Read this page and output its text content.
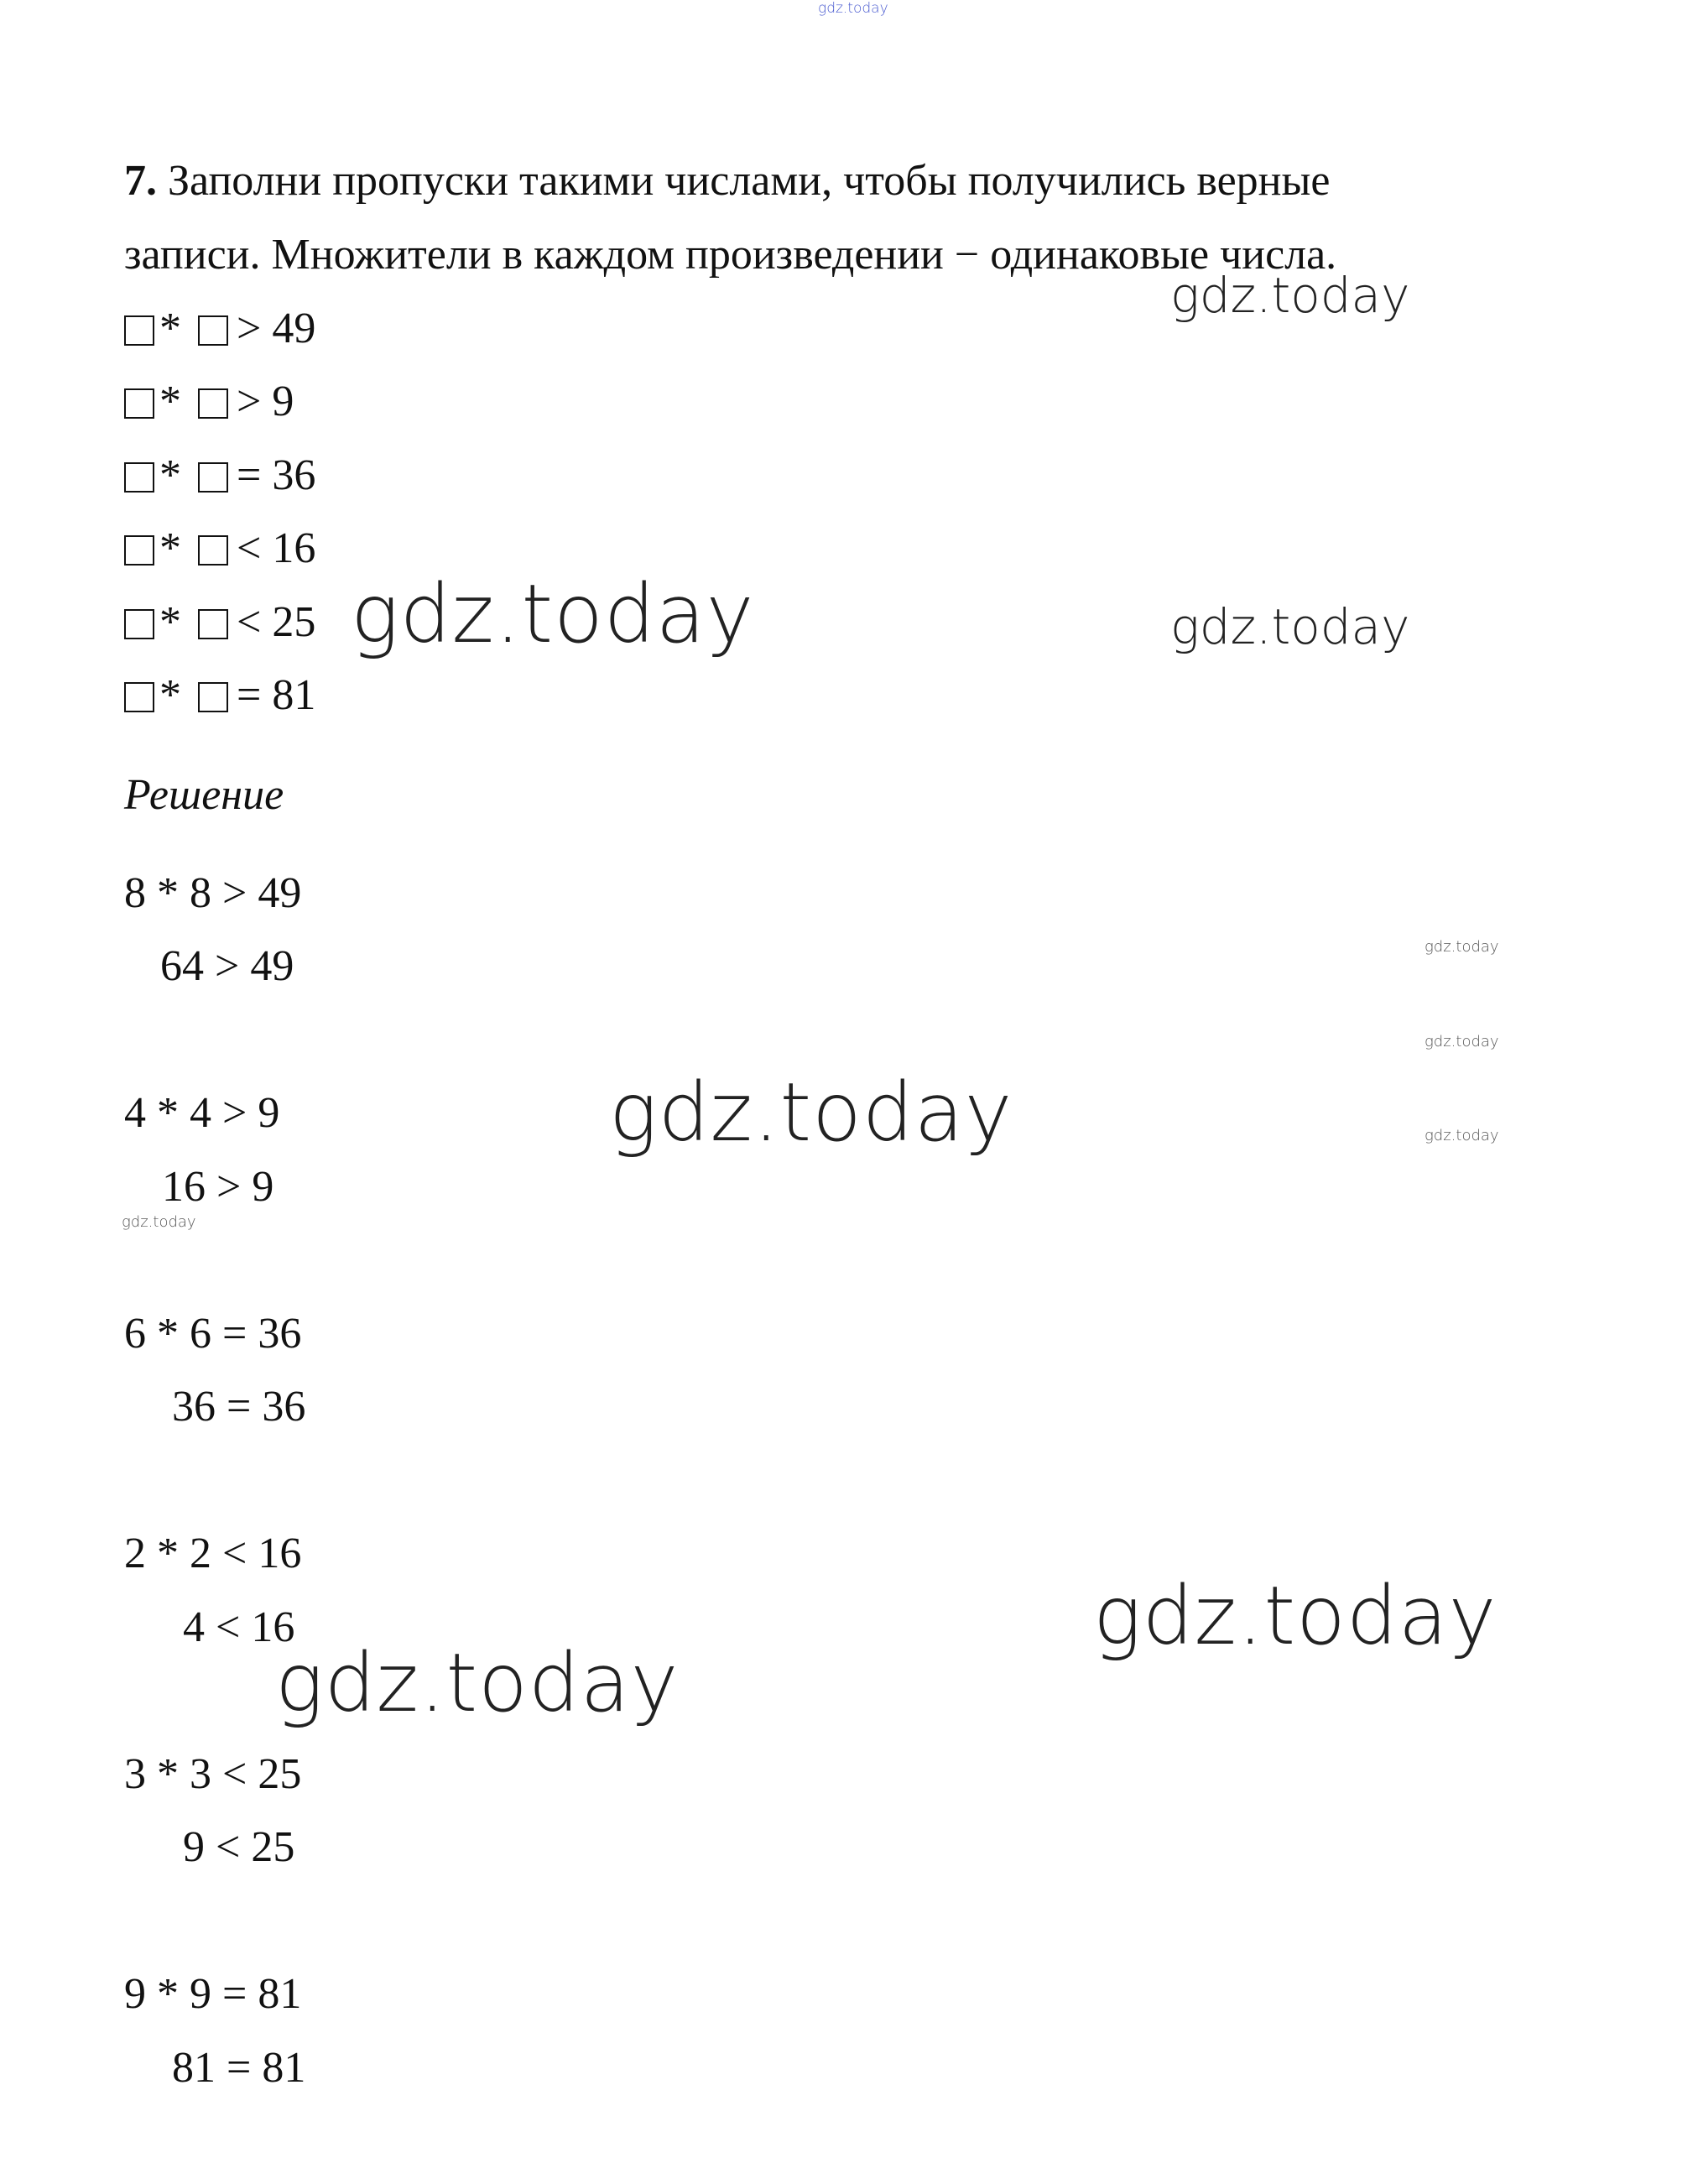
gdz.today
7. Заполни пропуски такими числами, чтобы получились верные
записи. Множители в каждом произведении − одинаковые числа.
* > 49
* > 9
* = 36
* < 16
* < 25
* = 81
Решение
8 * 8 > 49
64 > 49
4 * 4 > 9
16 > 9
6 * 6 = 36
36 = 36
2 * 2 < 16
4 < 16
3 * 3 < 25
9 < 25
9 * 9 = 81
81 = 81
gdz.today
gdz.today	gdz.today
gdz.today
gdz.today
gdz.today	gdz.today
gdz.today
gdz.today
gdz.today
